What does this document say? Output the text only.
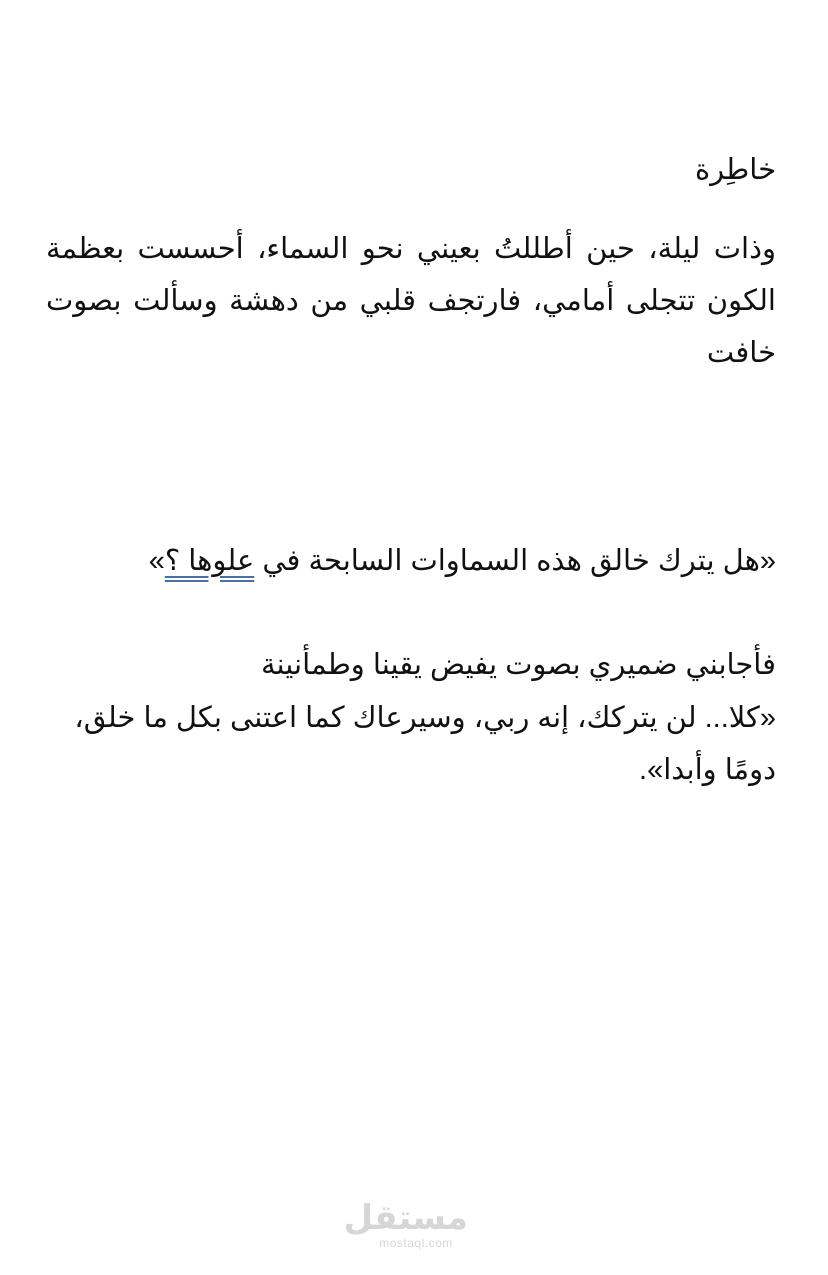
خاطِرة
وذات ليلة، حين أطللتُ بعيني نحو السماء، أحسست بعظمة الكون تتجلى أمامي، فارتجف قلبي من دهشة وسألت بصوت خافت

«هل يترك خالق هذه السماوات السابحة في علوها ؟»

فأجابني ضميري بصوت يفيض يقينا وطمأنينة

«كلا... لن يتركك، إنه ربي، وسيرعاك كما اعتنى بكل ما خلق، دومًا وأبدا».
مستقل
mostaql.com
